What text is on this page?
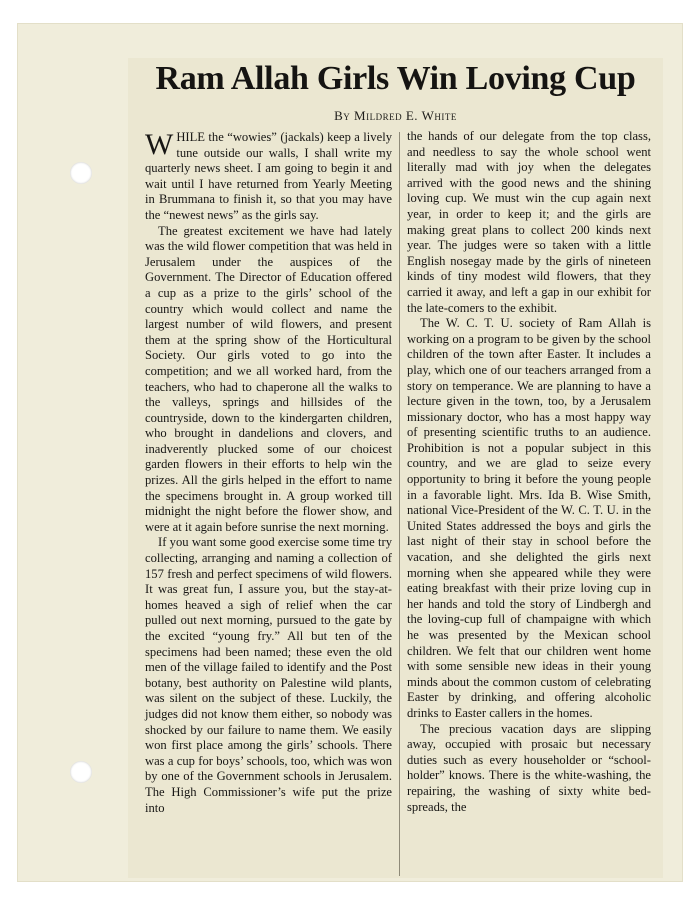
Ram Allah Girls Win Loving Cup
By Mildred E. White

WHILE the “wowies” (jackals) keep a lively tune outside our walls, I shall write my quarterly news sheet. I am going to begin it and wait until I have returned from Yearly Meeting in Brummana to finish it, so that you may have the “newest news” as the girls say.

The greatest excitement we have had lately was the wild flower competition that was held in Jerusalem under the auspices of the Government. The Director of Education offered a cup as a prize to the girls’ school of the country which would collect and name the largest number of wild flowers, and present them at the spring show of the Horticultural Society. Our girls voted to go into the competition; and we all worked hard, from the teachers, who had to chaperone all the walks to the valleys, springs and hillsides of the countryside, down to the kindergarten children, who brought in dandelions and clovers, and inadverently plucked some of our choicest garden flowers in their efforts to help win the prizes. All the girls helped in the effort to name the specimens brought in. A group worked till midnight the night before the flower show, and were at it again before sunrise the next morning.

If you want some good exercise some time try collecting, arranging and naming a collection of 157 fresh and perfect specimens of wild flowers. It was great fun, I assure you, but the stay-at-homes heaved a sigh of relief when the car pulled out next morning, pursued to the gate by the excited “young fry.” All but ten of the specimens had been named; these even the old men of the village failed to identify and the Post botany, best authority on Palestine wild plants, was silent on the subject of these. Luckily, the judges did not know them either, so nobody was shocked by our failure to name them. We easily won first place among the girls’ schools. There was a cup for boys’ schools, too, which was won by one of the Government schools in Jerusalem. The High Commissioner’s wife put the prize into

the hands of our delegate from the top class, and needless to say the whole school went literally mad with joy when the delegates arrived with the good news and the shining loving cup. We must win the cup again next year, in order to keep it; and the girls are making great plans to collect 200 kinds next year. The judges were so taken with a little English nosegay made by the girls of nineteen kinds of tiny modest wild flowers, that they carried it away, and left a gap in our exhibit for the late-comers to the exhibit.

The W. C. T. U. society of Ram Allah is working on a program to be given by the school children of the town after Easter. It includes a play, which one of our teachers arranged from a story on temperance. We are planning to have a lecture given in the town, too, by a Jerusalem missionary doctor, who has a most happy way of presenting scientific truths to an audience. Prohibition is not a popular subject in this country, and we are glad to seize every opportunity to bring it before the young people in a favorable light. Mrs. Ida B. Wise Smith, national Vice-President of the W. C. T. U. in the United States addressed the boys and girls the last night of their stay in school before the vacation, and she delighted the girls next morning when she appeared while they were eating breakfast with their prize loving cup in her hands and told the story of Lindbergh and the loving-cup full of champaigne with which he was presented by the Mexican school children. We felt that our children went home with some sensible new ideas in their young minds about the common custom of celebrating Easter by drinking, and offering alcoholic drinks to Easter callers in the homes.

The precious vacation days are slipping away, occupied with prosaic but necessary duties such as every householder or “school-holder” knows. There is the white-washing, the repairing, the washing of sixty white bed-spreads, the
